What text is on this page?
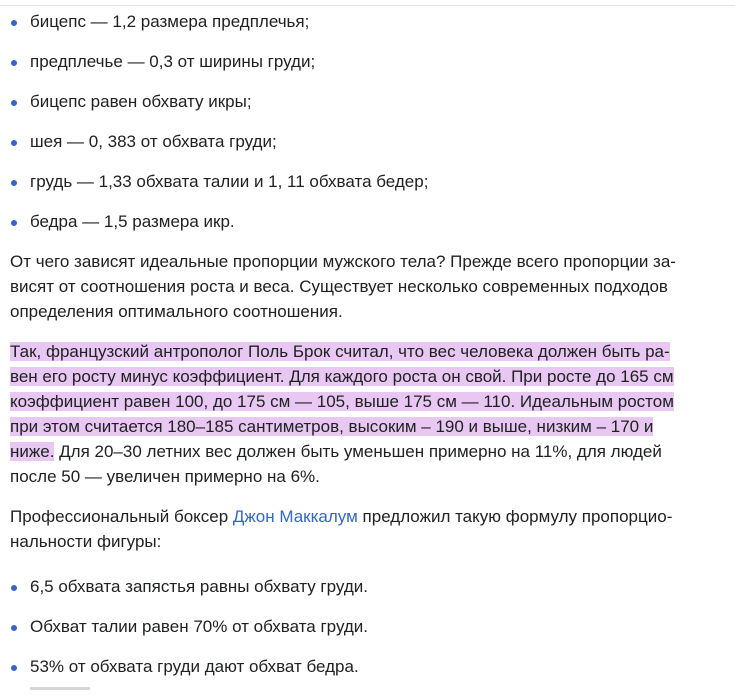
бицепс — 1,2 размера предплечья;
предплечье — 0,3 от ширины груди;
бицепс равен обхвату икры;
шея — 0, 383 от обхвата груди;
грудь — 1,33 обхвата талии и 1, 11 обхвата бедер;
бедра — 1,5 размера икр.

От чего зависят идеальные пропорции мужского тела? Прежде всего пропорции за-
висят от соотношения роста и веса. Существует несколько современных подходов
определения оптимального соотношения.

Так, французский антрополог Поль Брок считал, что вес человека должен быть ра-
вен его росту минус коэффициент. Для каждого роста он свой. При росте до 165 см
коэффициент равен 100, до 175 см — 105, выше 175 см — 110. Идеальным ростом
при этом считается 180–185 сантиметров, высоким – 190 и выше, низким – 170 и
ниже. Для 20–30 летних вес должен быть уменьшен примерно на 11%, для людей
после 50 — увеличен примерно на 6%.

Профессиональный боксер Джон Маккалум предложил такую формулу пропорцио-
нальности фигуры:

6,5 обхвата запястья равны обхвату груди.
Обхват талии равен 70% от обхвата груди.
53% от обхвата груди дают обхват бедра.
